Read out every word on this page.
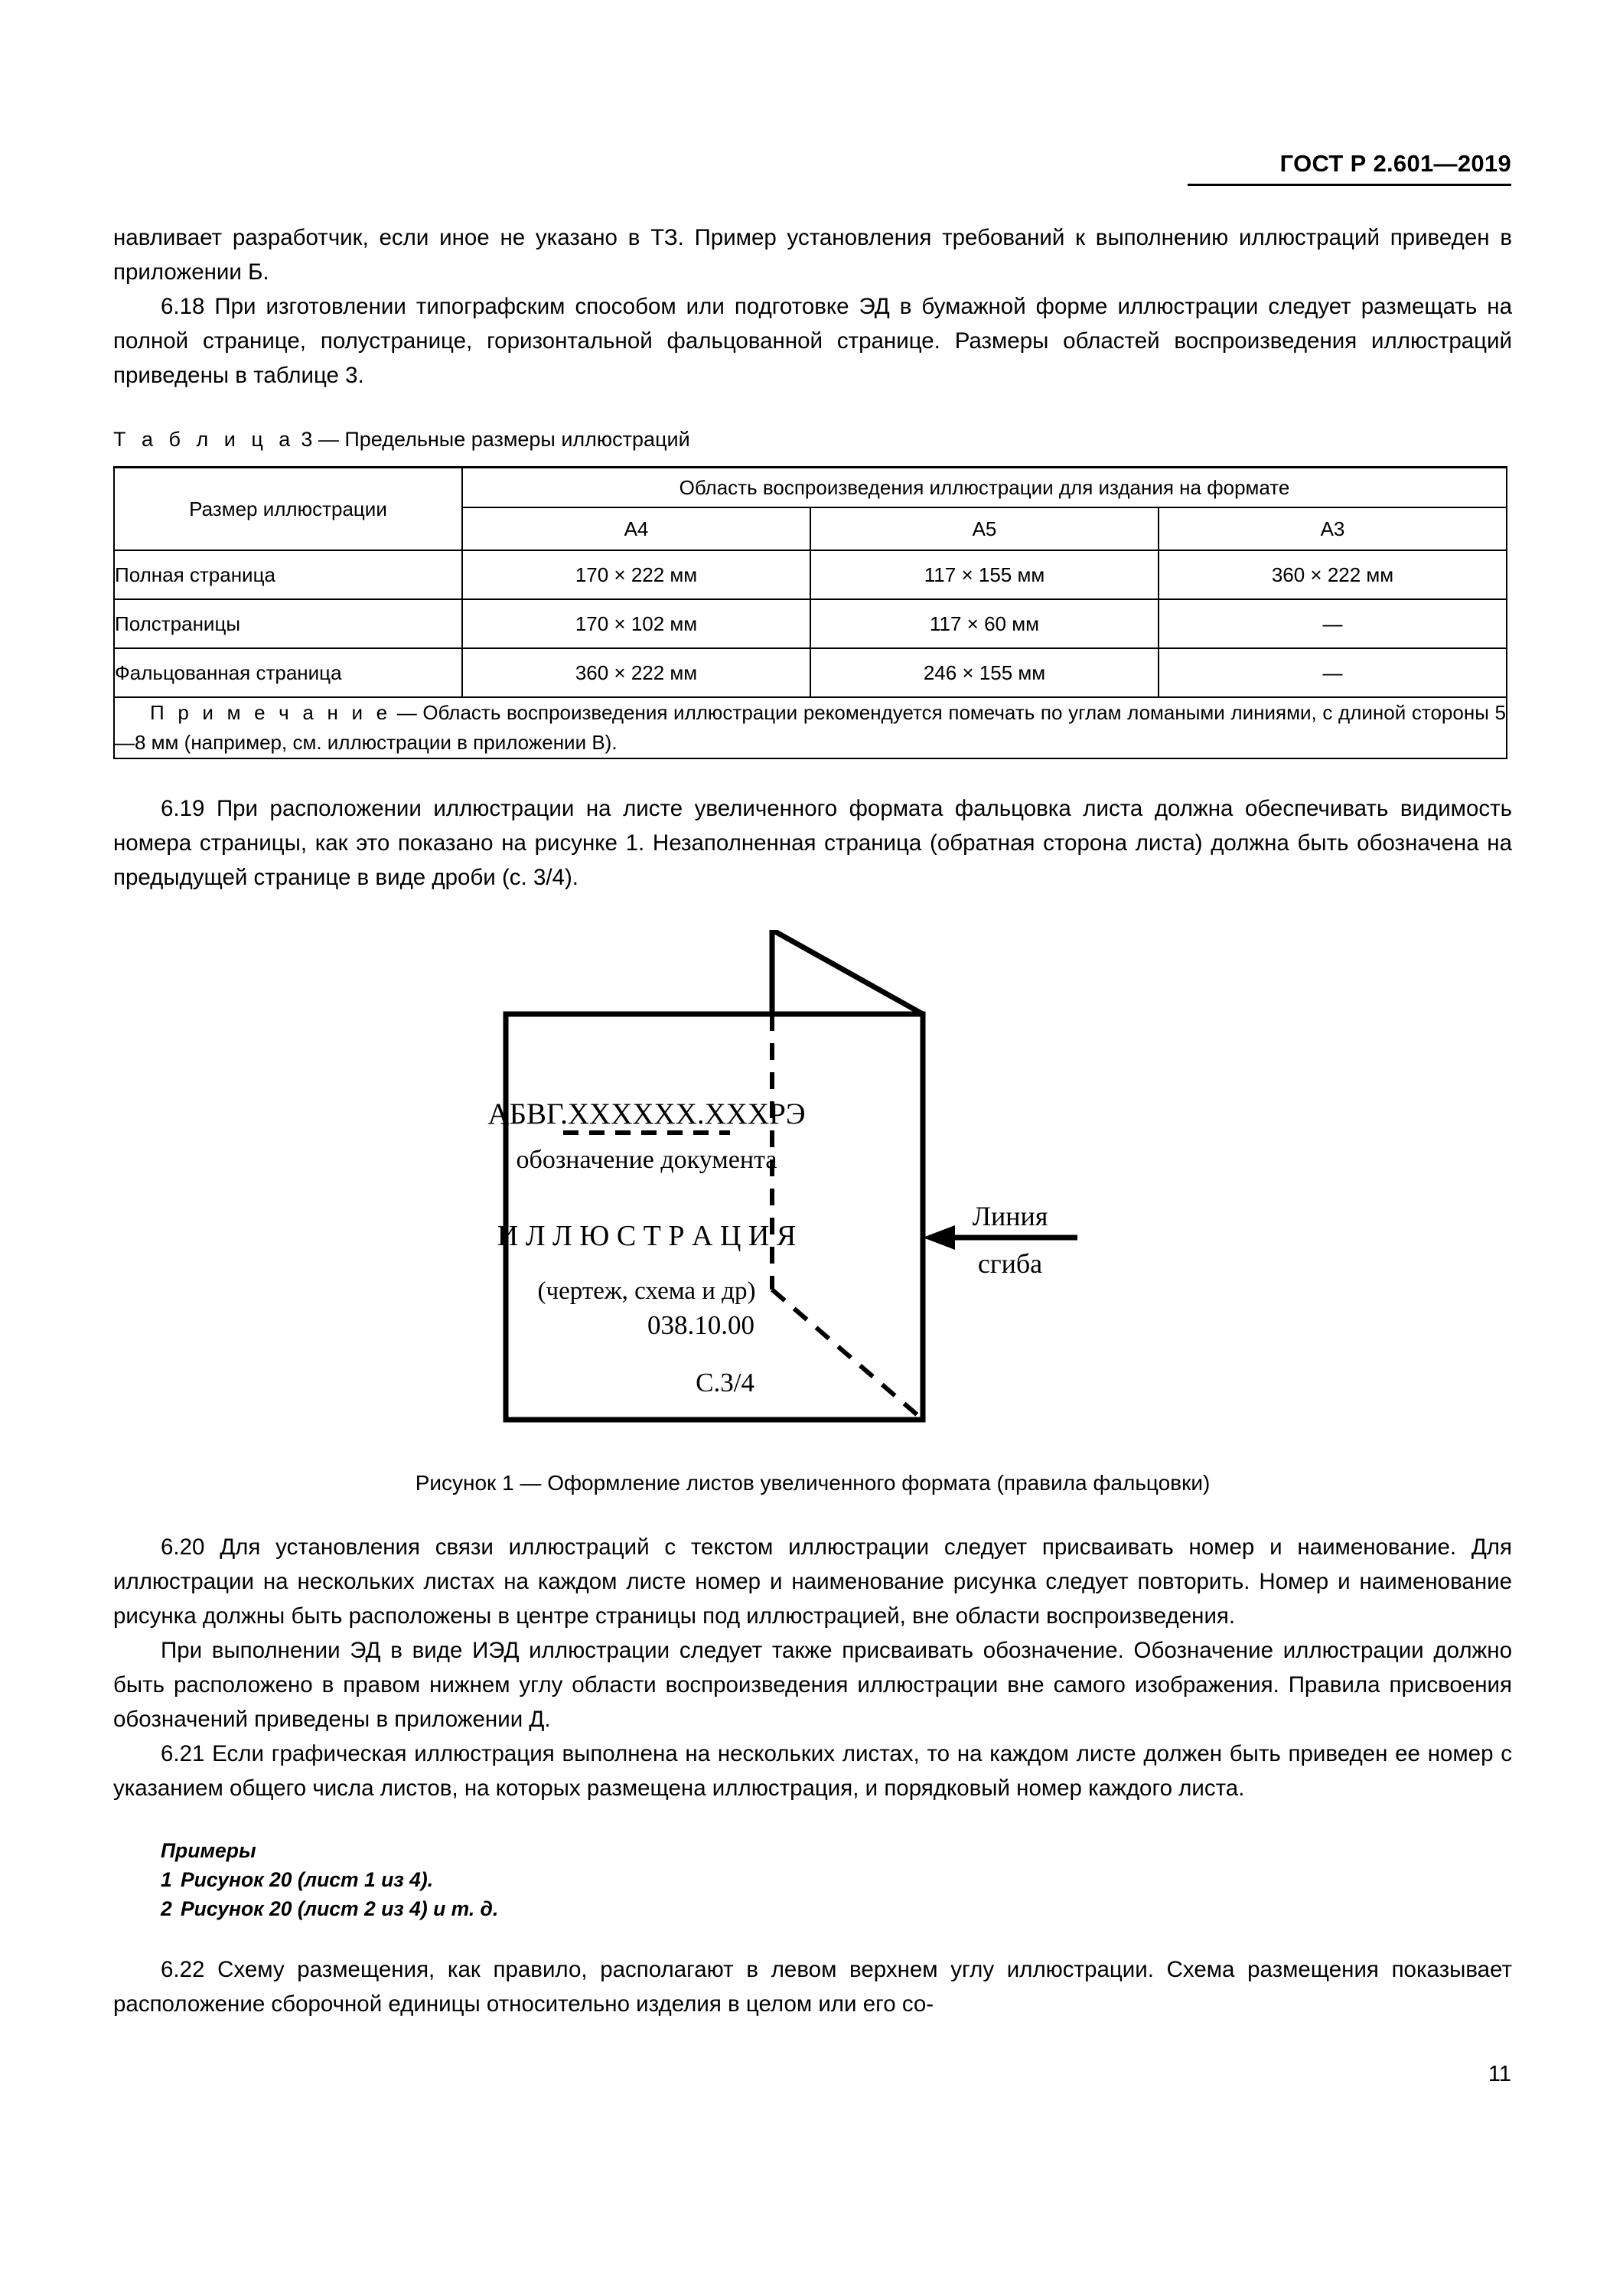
ГОСТ Р 2.601—2019

навливает разработчик, если иное не указано в ТЗ. Пример установления требований к выполнению иллюстраций приведен в приложении Б.

6.18 При изготовлении типографским способом или подготовке ЭД в бумажной форме иллюстрации следует размещать на полной странице, полустранице, горизонтальной фальцованной странице. Размеры областей воспроизведения иллюстраций приведены в таблице 3.

Т а б л и ц а 3 — Предельные размеры иллюстраций
Размер иллюстрации	Область воспроизведения иллюстрации для издания на формате		
	А4	А5	А3
Полная страница	170 × 222 мм	117 × 155 мм	360 × 222 мм
Полстраницы	170 × 102 мм	117 × 60 мм	—
Фальцованная страница	360 × 222 мм	246 × 155 мм	—
П р и м е ч а н и е — Область воспроизведения иллюстрации рекомендуется помечать по углам ломаными линиями, с длиной стороны 5—8 мм (например, см. иллюстрации в приложении В).			

6.19 При расположении иллюстрации на листе увеличенного формата фальцовка листа должна обеспечивать видимость номера страницы, как это показано на рисунке 1. Незаполненная страница (обратная сторона листа) должна быть обозначена на предыдущей странице в виде дроби (с. 3/4).

АБВГ.ХХХХХХ.ХХХРЭ
обозначение документа
И Л Л Ю С Т Р А Ц И Я
(чертеж, схема и др)
038.10.00
С.3/4
Линия
сгиба
Рисунок 1 — Оформление листов увеличенного формата (правила фальцовки)

6.20 Для установления связи иллюстраций с текстом иллюстрации следует присваивать номер и наименование. Для иллюстрации на нескольких листах на каждом листе номер и наименование рисунка следует повторить. Номер и наименование рисунка должны быть расположены в центре страницы под иллюстрацией, вне области воспроизведения.

При выполнении ЭД в виде ИЭД иллюстрации следует также присваивать обозначение. Обозначение иллюстрации должно быть расположено в правом нижнем углу области воспроизведения иллюстрации вне самого изображения. Правила присвоения обозначений приведены в приложении Д.

6.21 Если графическая иллюстрация выполнена на нескольких листах, то на каждом листе должен быть приведен ее номер с указанием общего числа листов, на которых размещена иллюстрация, и порядковый номер каждого листа.

Примеры
1 Рисунок 20 (лист 1 из 4).
2 Рисунок 20 (лист 2 из 4) и т. д.

6.22 Схему размещения, как правило, располагают в левом верхнем углу иллюстрации. Схема размещения показывает расположение сборочной единицы относительно изделия в целом или его со-

11
